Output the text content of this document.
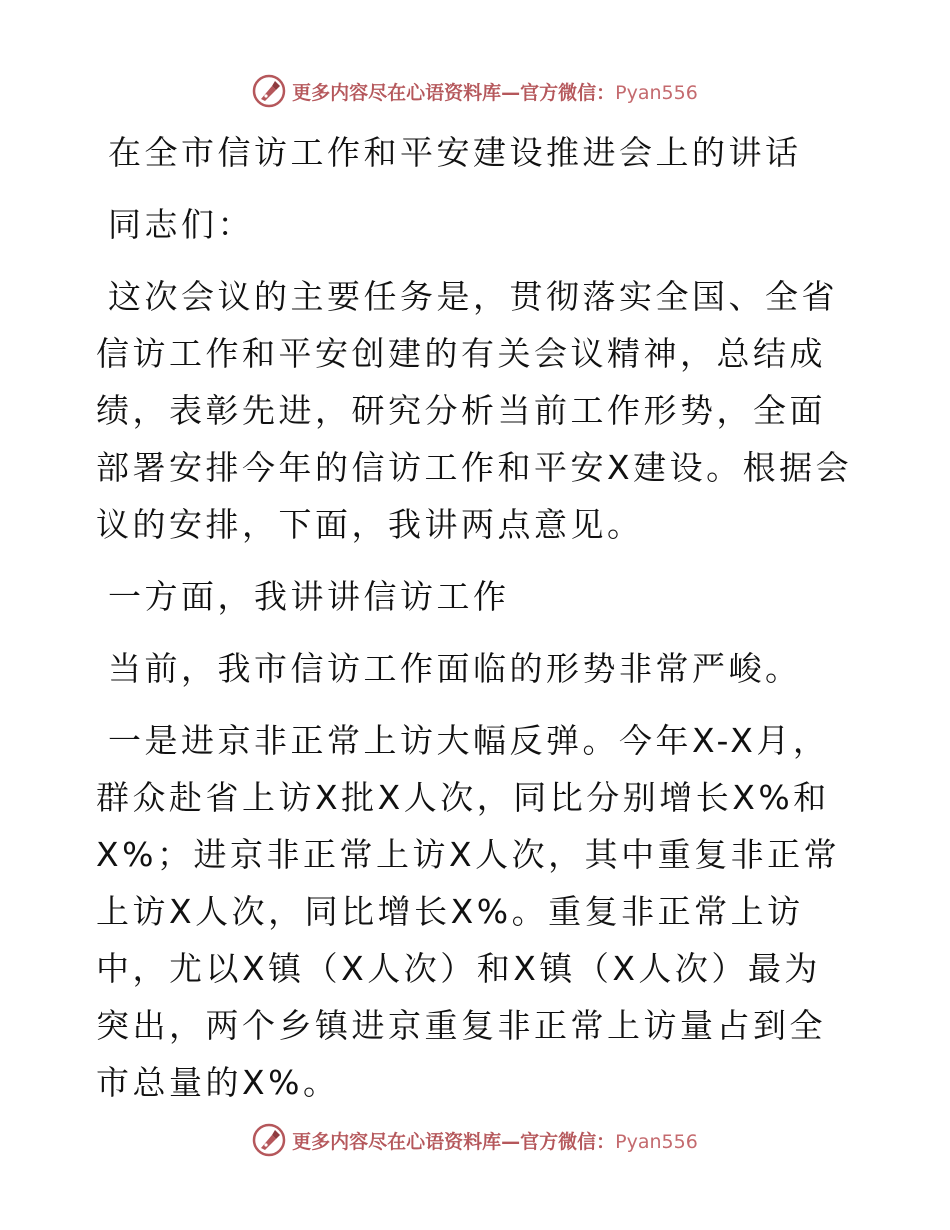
更多内容尽在心语资料库—官方微信：Pyan556

在全市信访工作和平安建设推进会上的讲话

同志们：

这次会议的主要任务是，贯彻落实全国、全省信访工作和平安创建的有关会议精神，总结成绩，表彰先进，研究分析当前工作形势，全面部署安排今年的信访工作和平安X建设。根据会议的安排，下面，我讲两点意见。

一方面，我讲讲信访工作

当前，我市信访工作面临的形势非常严峻。

一是进京非正常上访大幅反弹。今年X-X月，群众赴省上访X批X人次，同比分别增长X%和X%；进京非正常上访X人次，其中重复非正常上访X人次，同比增长X%。重复非正常上访中，尤以X镇（X人次）和X镇（X人次）最为突出，两个乡镇进京重复非正常上访量占到全市总量的X%。

更多内容尽在心语资料库—官方微信：Pyan556
